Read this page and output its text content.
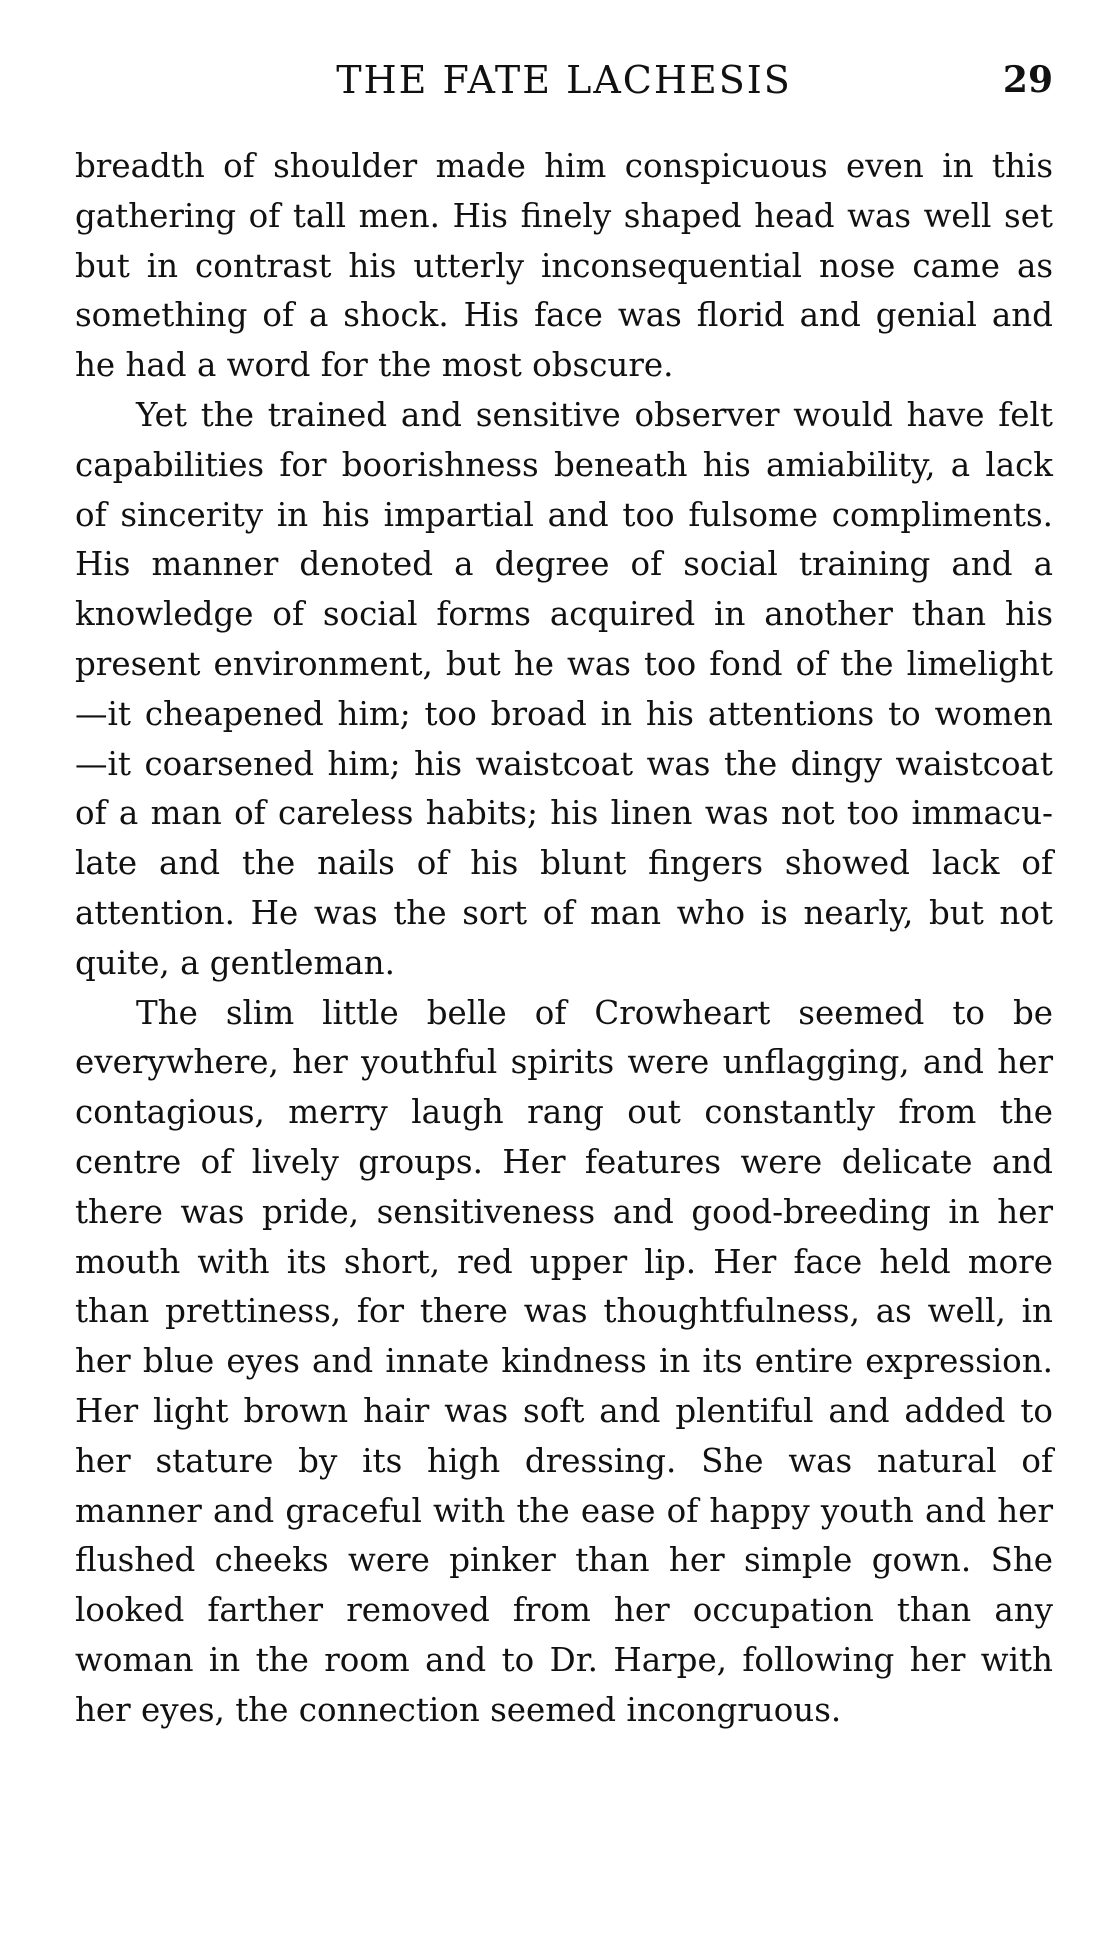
THE FATE LACHESIS	29

breadth of shoulder made him conspicuous even in this gathering of tall men. His finely shaped head was well set but in contrast his utterly inconsequential nose came as something of a shock. His face was florid and genial and he had a word for the most obscure.

Yet the trained and sensitive observer would have felt capabilities for boorishness beneath his amiability, a lack of sincerity in his impartial and too fulsome compliments. His manner denoted a degree of social training and a knowledge of social forms acquired in another than his present environment, but he was too fond of the limelight—it cheapened him; too broad in his attentions to women—it coarsened him; his waistcoat was the dingy waistcoat of a man of careless habits; his linen was not too immaculate and the nails of his blunt fingers showed lack of attention. He was the sort of man who is nearly, but not quite, a gentleman.

The slim little belle of Crowheart seemed to be everywhere, her youthful spirits were unflagging, and her contagious, merry laugh rang out constantly from the centre of lively groups. Her features were delicate and there was pride, sensitiveness and good-breeding in her mouth with its short, red upper lip. Her face held more than prettiness, for there was thoughtfulness, as well, in her blue eyes and innate kindness in its entire expression. Her light brown hair was soft and plentiful and added to her stature by its high dressing. She was natural of manner and graceful with the ease of happy youth and her flushed cheeks were pinker than her simple gown. She looked farther removed from her occupation than any woman in the room and to Dr. Harpe, following her with her eyes, the connection seemed incongruous.
